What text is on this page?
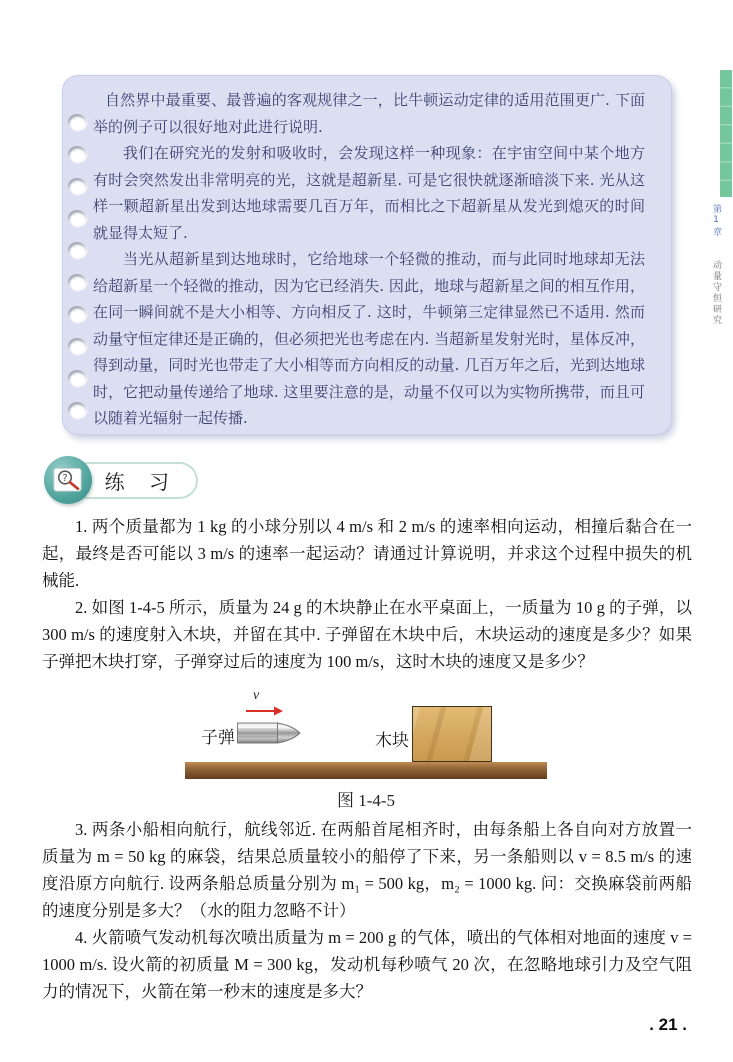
第1章 动量守恒研究

自然界中最重要、最普遍的客观规律之一，比牛顿运动定律的适用范围更广. 下面举的例子可以很好地对此进行说明.

我们在研究光的发射和吸收时，会发现这样一种现象：在宇宙空间中某个地方有时会突然发出非常明亮的光，这就是超新星. 可是它很快就逐渐暗淡下来. 光从这样一颗超新星出发到达地球需要几百万年，而相比之下超新星从发光到熄灭的时间就显得太短了.

当光从超新星到达地球时，它给地球一个轻微的推动，而与此同时地球却无法给超新星一个轻微的推动，因为它已经消失. 因此，地球与超新星之间的相互作用，在同一瞬间就不是大小相等、方向相反了. 这时，牛顿第三定律显然已不适用. 然而动量守恒定律还是正确的，但必须把光也考虑在内. 当超新星发射光时，星体反冲，得到动量，同时光也带走了大小相等而方向相反的动量. 几百万年之后，光到达地球时，它把动量传递给了地球. 这里要注意的是，动量不仅可以为实物所携带，而且可以随着光辐射一起传播.

练 习
?

1. 两个质量都为 1 kg 的小球分别以 4 m/s 和 2 m/s 的速率相向运动，相撞后黏合在一起，最终是否可能以 3 m/s 的速率一起运动？请通过计算说明，并求这个过程中损失的机械能.

2. 如图 1-4-5 所示，质量为 24 g 的木块静止在水平桌面上，一质量为 10 g 的子弹，以 300 m/s 的速度射入木块，并留在其中. 子弹留在木块中后，木块运动的速度是多少？如果子弹把木块打穿，子弹穿过后的速度为 100 m/s，这时木块的速度又是多少？

子弹
v
木块
图 1-4-5

3. 两条小船相向航行，航线邻近. 在两船首尾相齐时，由每条船上各自向对方放置一质量为 m = 50 kg 的麻袋，结果总质量较小的船停了下来，另一条船则以 v = 8.5 m/s 的速度沿原方向航行. 设两条船总质量分别为 m₁ = 500 kg，m₂ = 1000 kg. 问：交换麻袋前两船的速度分别是多大？（水的阻力忽略不计）

4. 火箭喷气发动机每次喷出质量为 m = 200 g 的气体，喷出的气体相对地面的速度 v = 1000 m/s. 设火箭的初质量 M = 300 kg，发动机每秒喷气 20 次，在忽略地球引力及空气阻力的情况下，火箭在第一秒末的速度是多大？

. 21 .
